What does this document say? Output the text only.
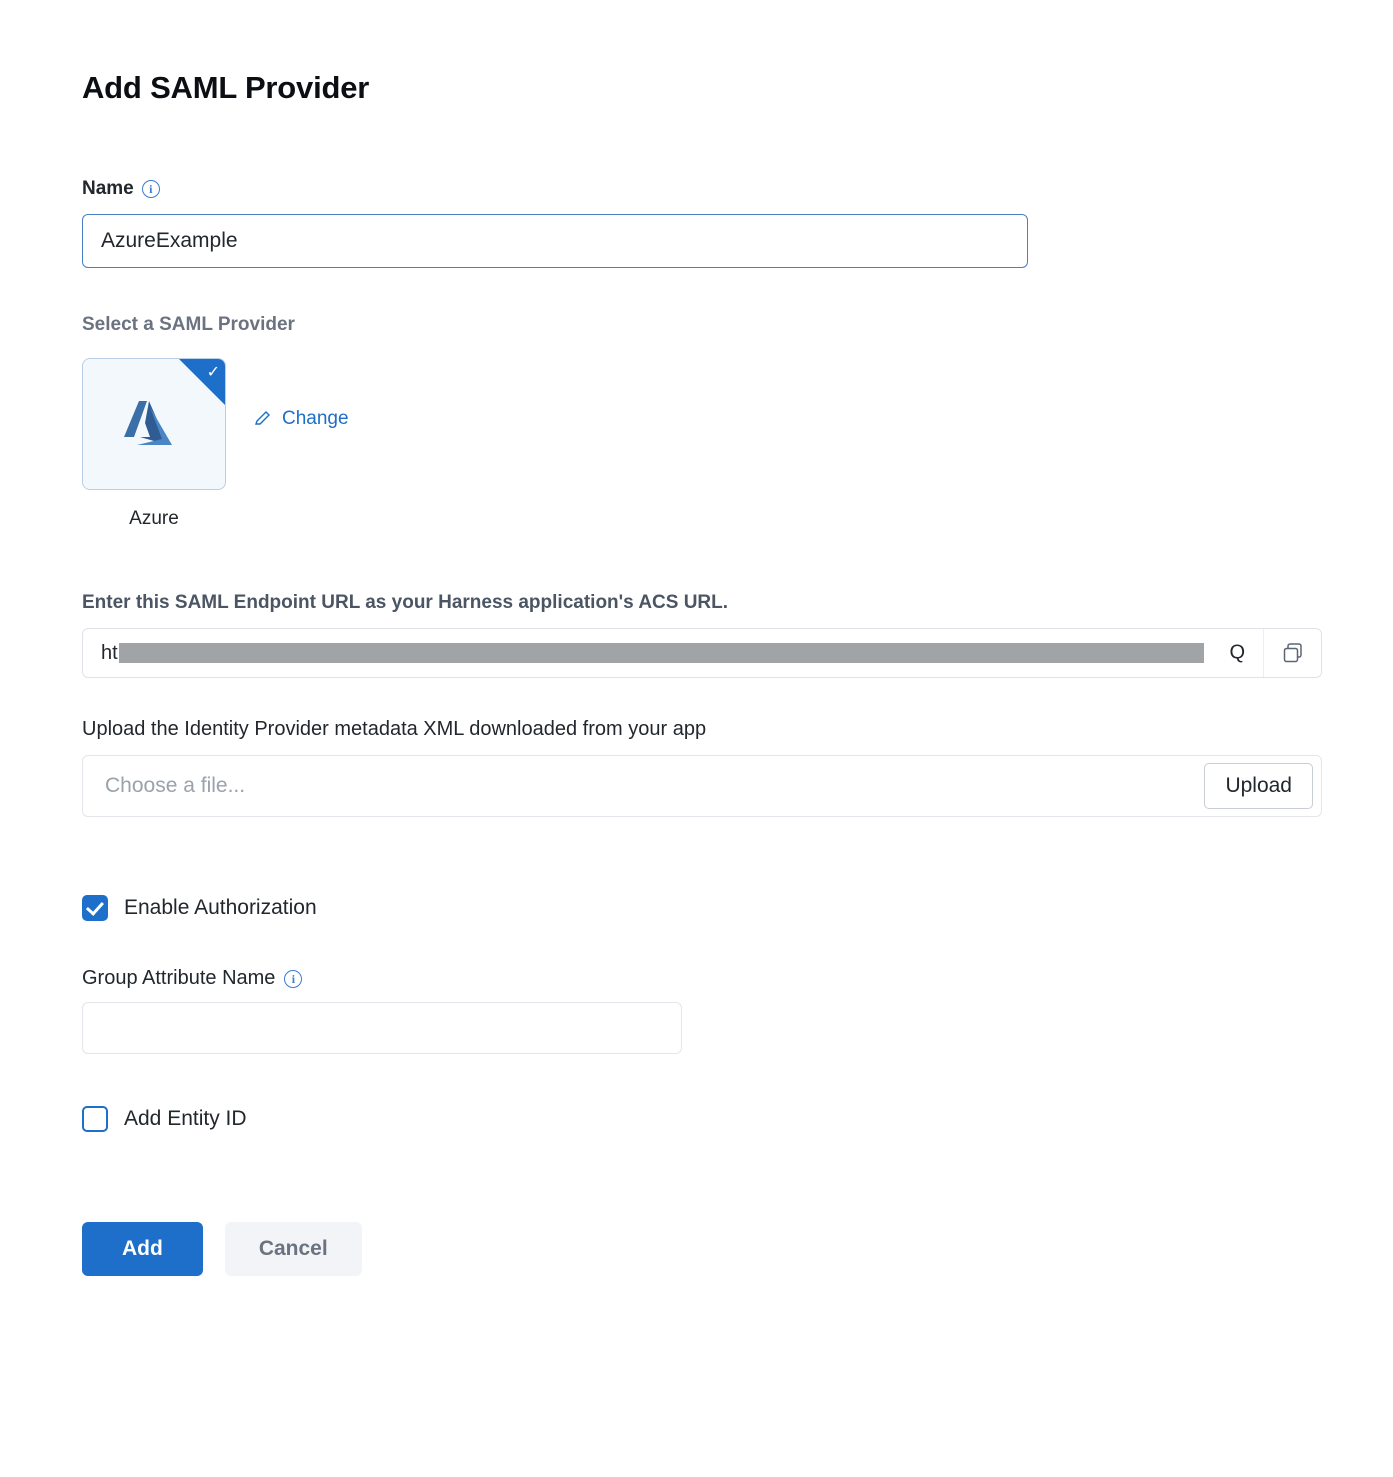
Add SAML Provider
Name	i
AzureExample
Select a SAML Provider
✓
Azure
Change
Enter this SAML Endpoint URL as your Harness application's ACS URL.
ht	Q
Upload the Identity Provider metadata XML downloaded from your app
Choose a file...	Upload
Enable Authorization
Group Attribute Name	i
Add Entity ID
Add	Cancel
